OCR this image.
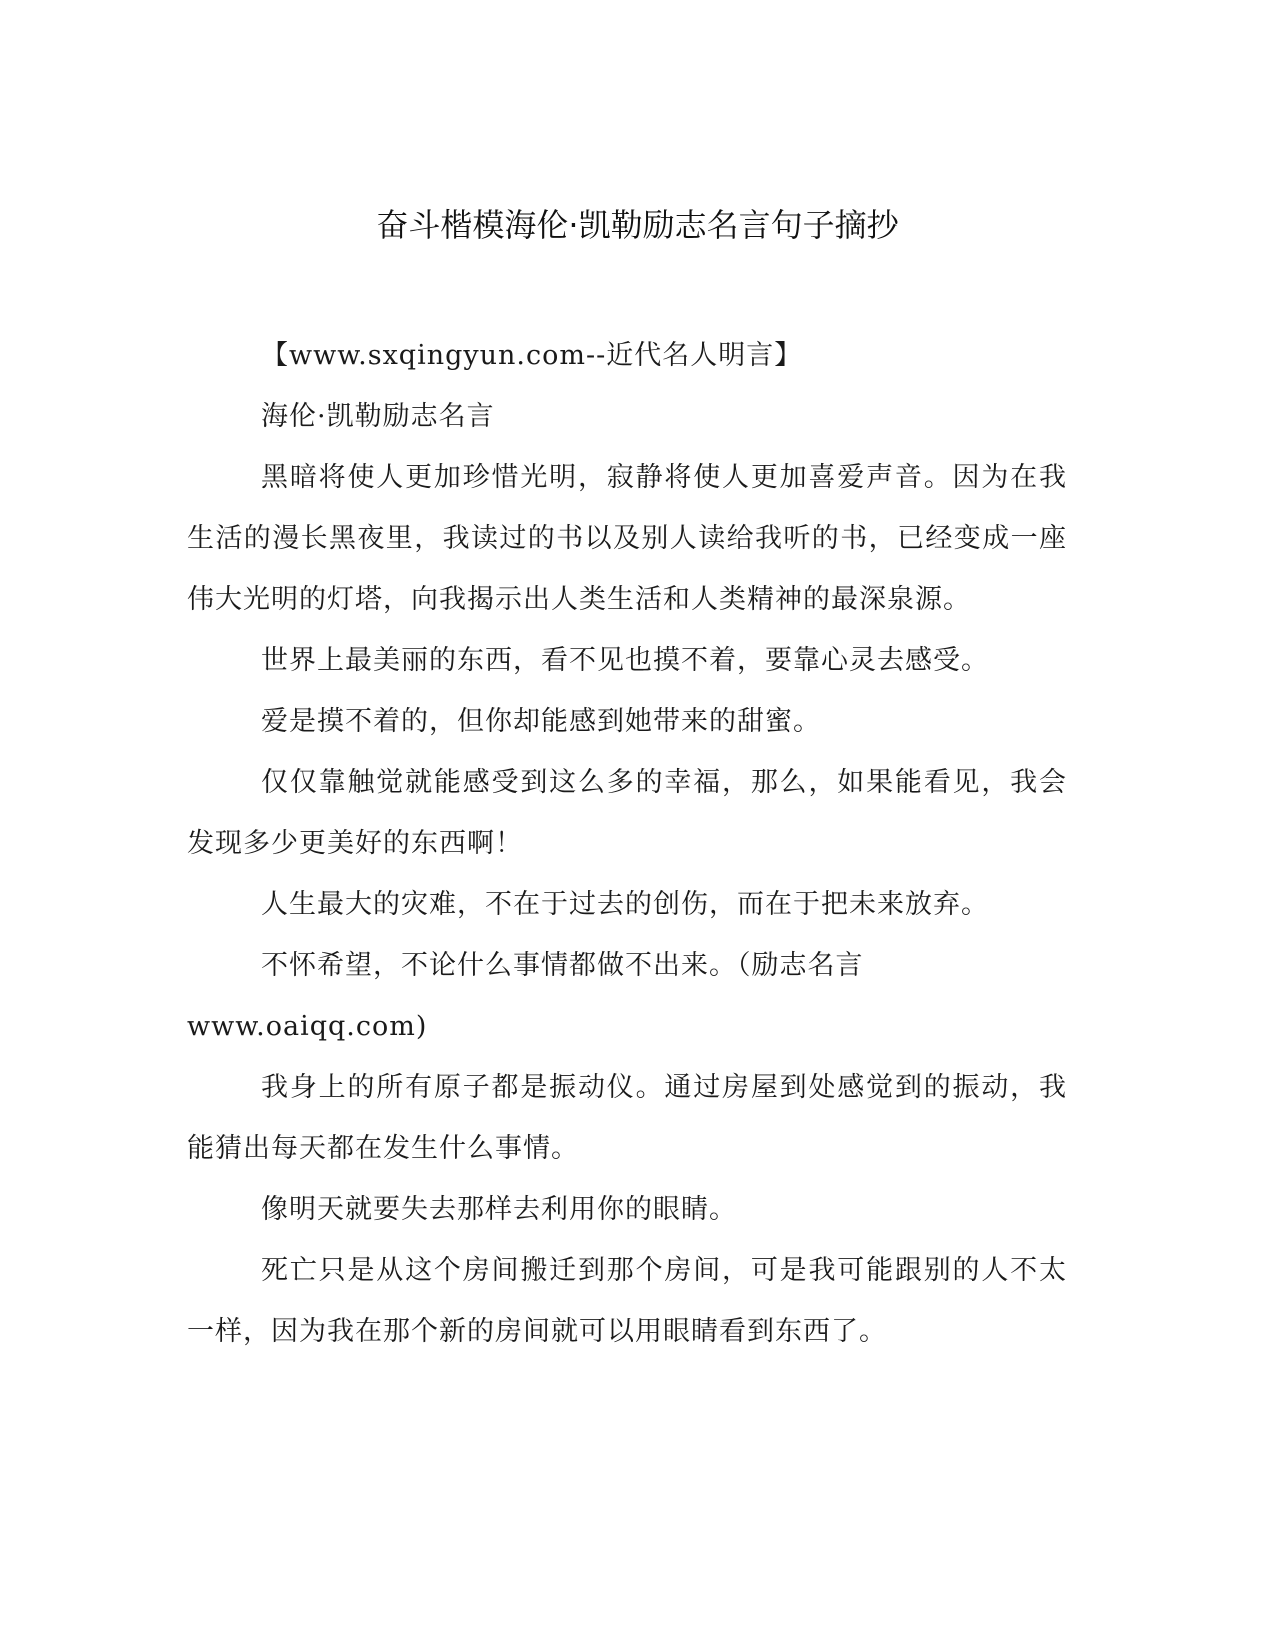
奋斗楷模海伦·凯勒励志名言句子摘抄

【www.sxqingyun.com--近代名人明言】

海伦·凯勒励志名言

黑暗将使人更加珍惜光明，寂静将使人更加喜爱声音。因为在我生活的漫长黑夜里，我读过的书以及别人读给我听的书，已经变成一座伟大光明的灯塔，向我揭示出人类生活和人类精神的最深泉源。

世界上最美丽的东西，看不见也摸不着，要靠心灵去感受。

爱是摸不着的，但你却能感到她带来的甜蜜。

仅仅靠触觉就能感受到这么多的幸福，那么，如果能看见，我会发现多少更美好的东西啊！

人生最大的灾难，不在于过去的创伤，而在于把未来放弃。

不怀希望，不论什么事情都做不出来。（励志名言

www.oaiqq.com)

我身上的所有原子都是振动仪。通过房屋到处感觉到的振动，我能猜出每天都在发生什么事情。

像明天就要失去那样去利用你的眼睛。

死亡只是从这个房间搬迁到那个房间，可是我可能跟别的人不太一样，因为我在那个新的房间就可以用眼睛看到东西了。
